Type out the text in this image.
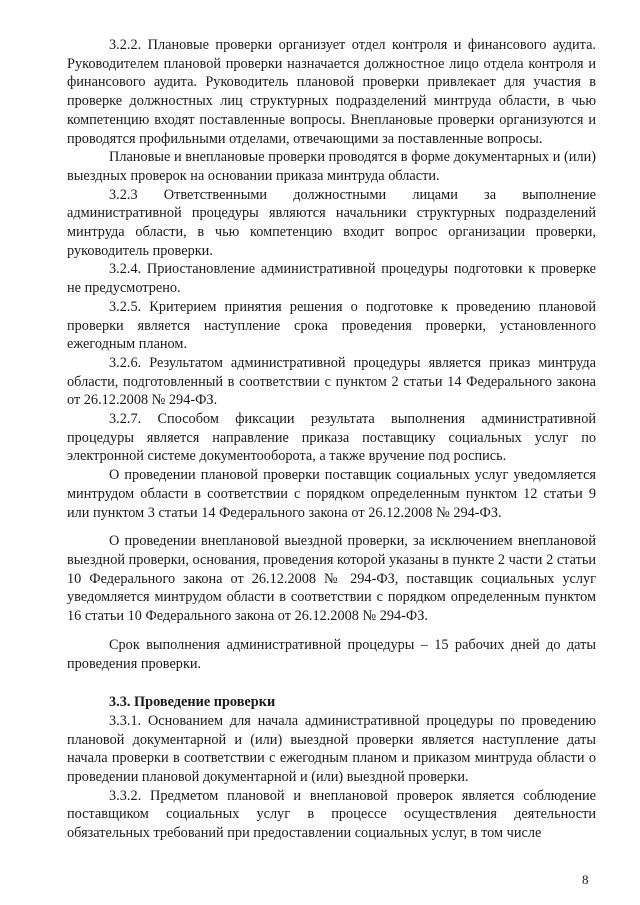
3.2.2. Плановые проверки организует отдел контроля и финансового аудита. Руководителем плановой проверки назначается должностное лицо отдела контроля и финансового аудита. Руководитель плановой проверки привлекает для участия в проверке должностных лиц структурных подразделений минтруда области, в чью компетенцию входят поставленные вопросы. Внеплановые проверки организуются и проводятся профильными отделами, отвечающими за поставленные вопросы.

Плановые и внеплановые проверки проводятся в форме документарных и (или) выездных проверок на основании приказа минтруда области.

3.2.3 Ответственными должностными лицами за выполнение административной процедуры являются начальники структурных подразделений минтруда области, в чью компетенцию входит вопрос организации проверки, руководитель проверки.

3.2.4. Приостановление административной процедуры подготовки к проверке не предусмотрено.

3.2.5. Критерием принятия решения о подготовке к проведению плановой проверки является наступление срока проведения проверки, установленного ежегодным планом.

3.2.6. Результатом административной процедуры является приказ минтруда области, подготовленный в соответствии с пунктом 2 статьи 14 Федерального закона от 26.12.2008 № 294-ФЗ.

3.2.7. Способом фиксации результата выполнения административной процедуры является направление приказа поставщику социальных услуг по электронной системе документооборота, а также вручение под роспись.

О проведении плановой проверки поставщик социальных услуг уведомляется минтрудом области в соответствии с порядком определенным пунктом 12 статьи 9 или пунктом 3 статьи 14 Федерального закона от 26.12.2008 № 294-ФЗ.

О проведении внеплановой выездной проверки, за исключением внеплановой выездной проверки, основания, проведения которой указаны в пункте 2 части 2 статьи 10 Федерального закона от 26.12.2008 № 294-ФЗ, поставщик социальных услуг уведомляется минтрудом области в соответствии с порядком определенным пунктом 16 статьи 10 Федерального закона от 26.12.2008 № 294-ФЗ.

Срок выполнения административной процедуры – 15 рабочих дней до даты проведения проверки.

3.3. Проведение проверки

3.3.1. Основанием для начала административной процедуры по проведению плановой документарной и (или) выездной проверки является наступление даты начала проверки в соответствии с ежегодным планом и приказом минтруда области о проведении плановой документарной и (или) выездной проверки.

3.3.2. Предметом плановой и внеплановой проверок является соблюдение поставщиком социальных услуг в процессе осуществления деятельности обязательных требований при предоставлении социальных услуг, в том числе

8
